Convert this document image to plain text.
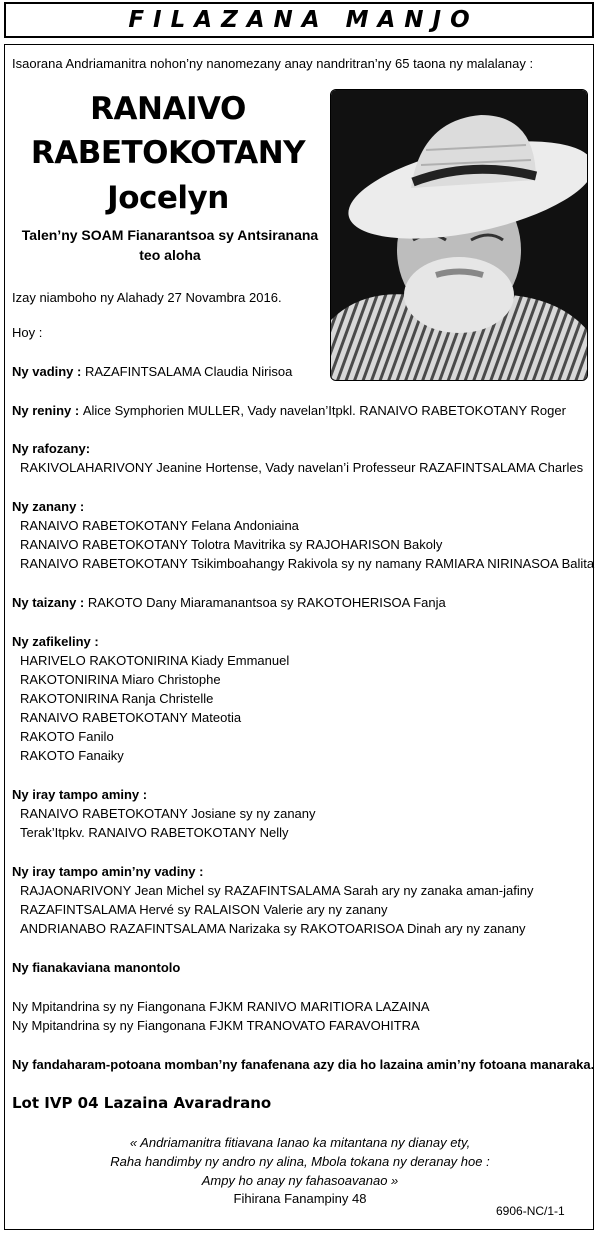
FILAZANA MANJO
Isaorana Andriamanitra nohon’ny nanomezany anay nandritran’ny 65 taona ny malalanay :
RANAIVO
RABETOKOTANY
Jocelyn
Talen’ny SOAM Fianarantsoa sy Antsiranana
teo aloha
Izay niamboho ny Alahady 27 Novambra 2016.
Hoy :
Ny vadiny : RAZAFINTSALAMA Claudia Nirisoa
Ny reniny : Alice Symphorien MULLER, Vady navelan’Itpkl. RANAIVO RABETOKOTANY Roger
Ny rafozany:
RAKIVOLAHARIVONY Jeanine Hortense, Vady navelan’i Professeur RAZAFINTSALAMA Charles
Ny zanany :
RANAIVO RABETOKOTANY Felana Andoniaina
RANAIVO RABETOKOTANY Tolotra Mavitrika sy RAJOHARISON Bakoly
RANAIVO RABETOKOTANY Tsikimboahangy Rakivola sy ny namany RAMIARA NIRINASOA Balita
Ny taizany : RAKOTO Dany Miaramanantsoa sy RAKOTOHERISOA Fanja
Ny zafikeliny :
HARIVELO RAKOTONIRINA Kiady Emmanuel
RAKOTONIRINA Miaro Christophe
RAKOTONIRINA Ranja Christelle
RANAIVO RABETOKOTANY Mateotia
RAKOTO Fanilo
RAKOTO Fanaiky
Ny iray tampo aminy :
RANAIVO RABETOKOTANY Josiane sy ny zanany
Terak’Itpkv. RANAIVO RABETOKOTANY Nelly
Ny iray tampo amin’ny vadiny :
RAJAONARIVONY Jean Michel sy RAZAFINTSALAMA Sarah ary ny zanaka aman-jafiny
RAZAFINTSALAMA Hervé sy RALAISON Valerie ary ny zanany
ANDRIANABO RAZAFINTSALAMA Narizaka sy RAKOTOARISOA Dinah ary ny zanany
Ny fianakaviana manontolo
Ny Mpitandrina sy ny Fiangonana FJKM RANIVO MARITIORA LAZAINA
Ny Mpitandrina sy ny Fiangonana FJKM TRANOVATO FARAVOHITRA
Ny fandaharam-potoana momban’ny fanafenana azy dia ho lazaina amin’ny fotoana manaraka.
Lot IVP 04 Lazaina Avaradrano
« Andriamanitra fitiavana Ianao ka mitantana ny dianay ety,
Raha handimby ny andro ny alina, Mbola tokana ny deranay hoe :
Ampy ho anay ny fahasoavanao »
Fihirana Fanampiny 48
6906-NC/1-1
